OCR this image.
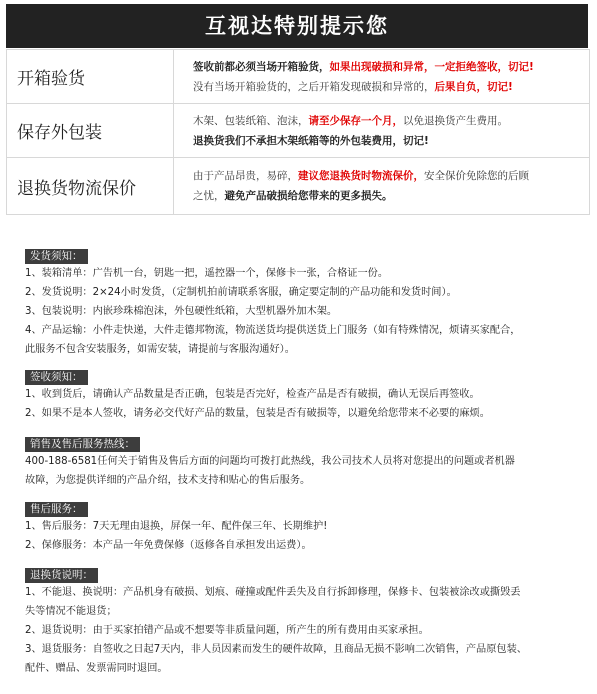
互视达特别提示您
开箱验货
签收前都必须当场开箱验货，如果出现破损和异常，一定拒绝签收，切记!
没有当场开箱验货的，之后开箱发现破损和异常的，后果自负，切记!
保存外包装
木架、包装纸箱、泡沫，请至少保存一个月，以免退换货产生费用。
退换货我们不承担木架纸箱等的外包装费用，切记!
退换货物流保价
由于产品昂贵，易碎，建议您退换货时物流保价，安全保价免除您的后顾
之忧，避免产品破损给您带来的更多损失。
发货须知：
1、装箱清单：广告机一台，钥匙一把，遥控器一个，保修卡一张，合格证一份。
2、发货说明：2×24小时发货，（定制机拍前请联系客服，确定要定制的产品功能和发货时间）。
3、包装说明：内嵌珍珠棉泡沫，外包硬性纸箱，大型机器外加木架。
4、产品运输：小件走快递，大件走德邦物流，物流送货均提供送货上门服务（如有特殊情况，烦请买家配合，
此服务不包含安装服务，如需安装，请提前与客服沟通好）。
签收须知：
1、收到货后，请确认产品数量是否正确，包装是否完好，检查产品是否有破损，确认无误后再签收。
2、如果不是本人签收，请务必交代好产品的数量，包装是否有破损等，以避免给您带来不必要的麻烦。
销售及售后服务热线：
400-188-6581任何关于销售及售后方面的问题均可拨打此热线，我公司技术人员将对您提出的问题或者机器
故障，为您提供详细的产品介绍，技术支持和贴心的售后服务。
售后服务：
1、售后服务：7天无理由退换，屏保一年、配件保三年、长期维护!
2、保修服务：本产品一年免费保修（返修各自承担发出运费）。
退换货说明：
1、不能退、换说明：产品机身有破损、划痕、碰撞或配件丢失及自行拆卸修理，保修卡、包装被涂改或撕毁丢
失等情况不能退货；
2、退货说明：由于买家拍错产品或不想要等非质量问题，所产生的所有费用由买家承担。
3、退货服务：自签收之日起7天内，非人员因素而发生的硬件故障，且商品无损不影响二次销售，产品原包装、
配件、赠品、发票需同时退回。
